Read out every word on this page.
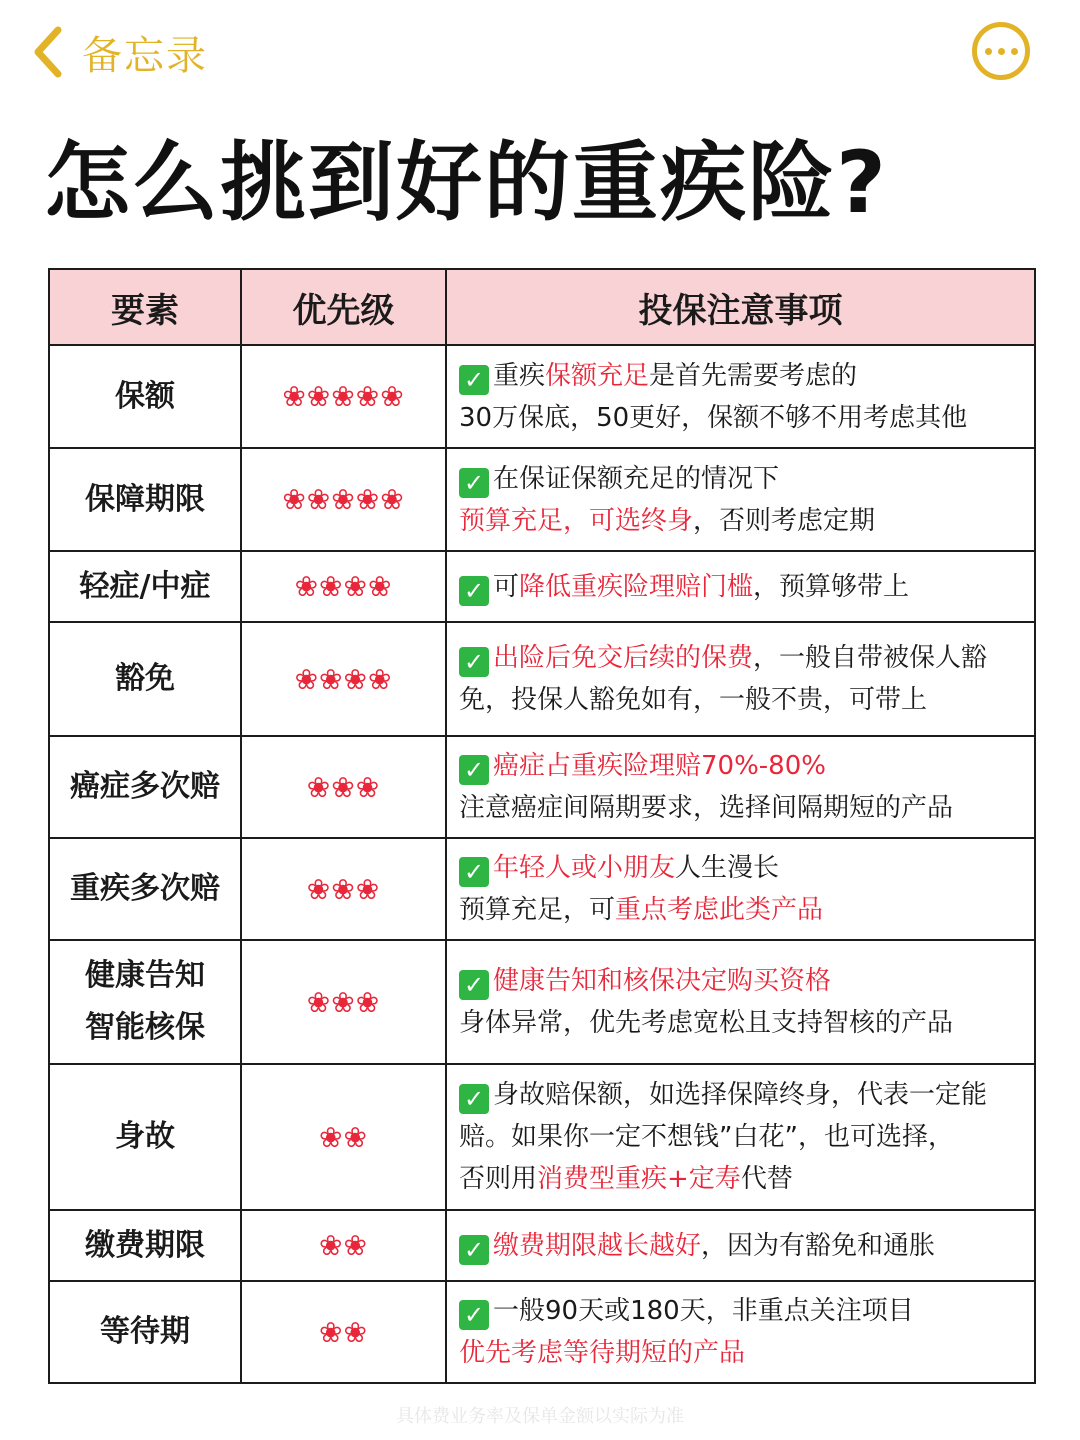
备忘录
怎么挑到好的重疾险?
要素	优先级	投保注意事项
保额	❀❀❀❀❀	✓ 重疾保额充足是首先需要考虑的
30万保底，50更好，保额不够不用考虑其他

保障期限	❀❀❀❀❀	✓ 在保证保额充足的情况下
预算充足，可选终身，否则考虑定期

轻症/中症	❀❀❀❀	✓ 可降低重疾险理赔门槛，预算够带上

豁免	❀❀❀❀	✓ 出险后免交后续的保费，一般自带被保人豁
免，投保人豁免如有，一般不贵，可带上

癌症多次赔	❀❀❀	✓ 癌症占重疾险理赔70%-80%
注意癌症间隔期要求，选择间隔期短的产品

重疾多次赔	❀❀❀	✓ 年轻人或小朋友人生漫长
预算充足，可重点考虑此类产品

健康告知
智能核保	❀❀❀	✓ 健康告知和核保决定购买资格
身体异常，优先考虑宽松且支持智核的产品

身故	❀❀	✓ 身故赔保额，如选择保障终身，代表一定能
赔。如果你一定不想钱”白花”，也可选择，
否则用消费型重疾+定寿代替

缴费期限	❀❀	✓ 缴费期限越长越好，因为有豁免和通胀

等待期	❀❀	✓ 一般90天或180天，非重点关注项目
优先考虑等待期短的产品
具体费业务率及保单金额以实际为准
